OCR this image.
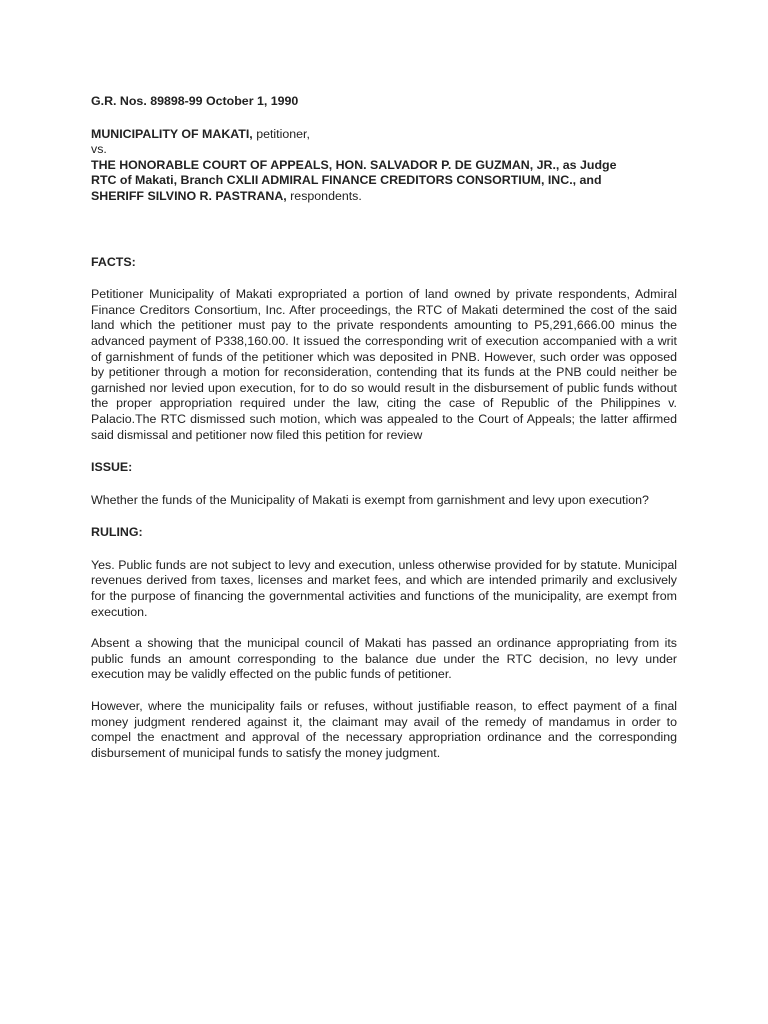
G.R. Nos. 89898-99 October 1, 1990

MUNICIPALITY OF MAKATI, petitioner,

vs.

THE HONORABLE COURT OF APPEALS, HON. SALVADOR P. DE GUZMAN, JR., as Judge

RTC of Makati, Branch CXLII ADMIRAL FINANCE CREDITORS CONSORTIUM, INC., and

SHERIFF SILVINO R. PASTRANA, respondents.

FACTS:

Petitioner Municipality of Makati expropriated a portion of land owned by private respondents, Admiral Finance Creditors Consortium, Inc. After proceedings, the RTC of Makati determined the cost of the said land which the petitioner must pay to the private respondents amounting to P5,291,666.00 minus the advanced payment of P338,160.00. It issued the corresponding writ of execution accompanied with a writ of garnishment of funds of the petitioner which was deposited in PNB. However, such order was opposed by petitioner through a motion for reconsideration, contending that its funds at the PNB could neither be garnished nor levied upon execution, for to do so would result in the disbursement of public funds without the proper appropriation required under the law, citing the case of Republic of the Philippines v. Palacio.The RTC dismissed such motion, which was appealed to the Court of Appeals; the latter affirmed said dismissal and petitioner now filed this petition for review

ISSUE:

Whether the funds of the Municipality of Makati is exempt from garnishment and levy upon execution?

RULING:

Yes. Public funds are not subject to levy and execution, unless otherwise provided for by statute. Municipal revenues derived from taxes, licenses and market fees, and which are intended primarily and exclusively for the purpose of financing the governmental activities and functions of the municipality, are exempt from execution.

Absent a showing that the municipal council of Makati has passed an ordinance appropriating from its public funds an amount corresponding to the balance due under the RTC decision, no levy under execution may be validly effected on the public funds of petitioner.

However, where the municipality fails or refuses, without justifiable reason, to effect payment of a final money judgment rendered against it, the claimant may avail of the remedy of mandamus in order to compel the enactment and approval of the necessary appropriation ordinance and the corresponding disbursement of municipal funds to satisfy the money judgment.
